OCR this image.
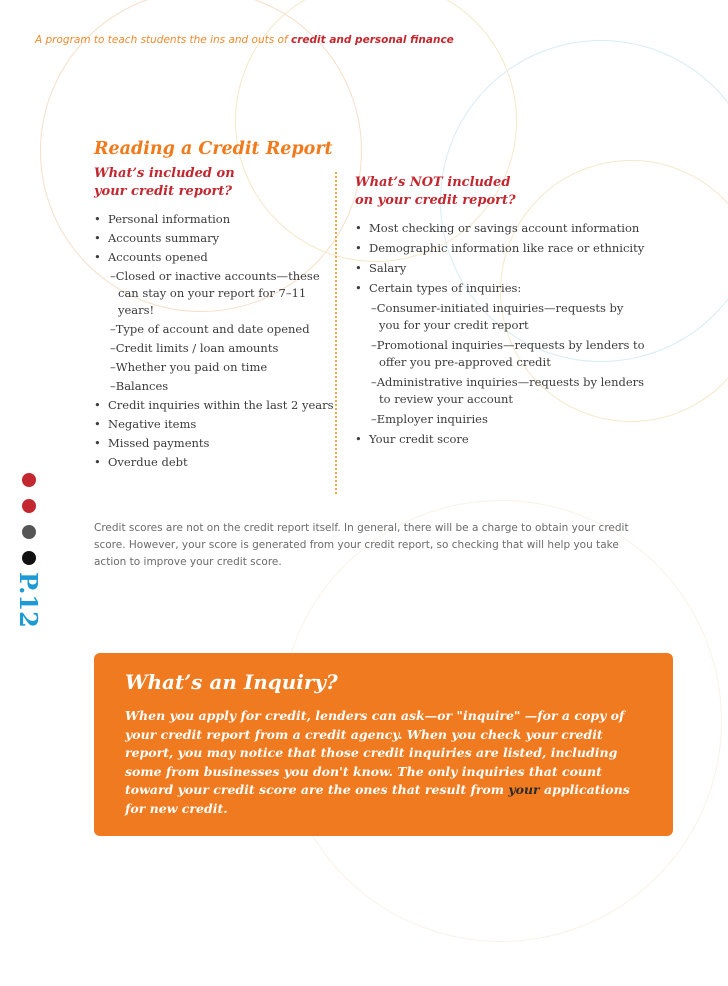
A program to teach students the ins and outs of credit and personal finance
Reading a Credit Report
What’s included on
your credit report?
What’s NOT included
on your credit report?
• Personal information
• Accounts summary
• Accounts opened
–Closed or inactive accounts—these can stay on your report for 7–11 years!
–Type of account and date opened
–Credit limits / loan amounts
–Whether you paid on time
–Balances
• Credit inquiries within the last 2 years
• Negative items
• Missed payments
• Overdue debt
• Most checking or savings account information
• Demographic information like race or ethnicity
• Salary
• Certain types of inquiries:
–Consumer-initiated inquiries—requests by you for your credit report
–Promotional inquiries—requests by lenders to offer you pre-approved credit
–Administrative inquiries—requests by lenders to review your account
–Employer inquiries
• Your credit score
Credit scores are not on the credit report itself. In general, there will be a charge to obtain your credit score. However, your score is generated from your credit report, so checking that will help you take action to improve your credit score.
P.12
What’s an Inquiry?
When you apply for credit, lenders can ask—or "inquire" —for a copy of your credit report from a credit agency. When you check your credit report, you may notice that those credit inquiries are listed, including some from businesses you don't know. The only inquiries that count toward your credit score are the ones that result from your applications for new credit.
